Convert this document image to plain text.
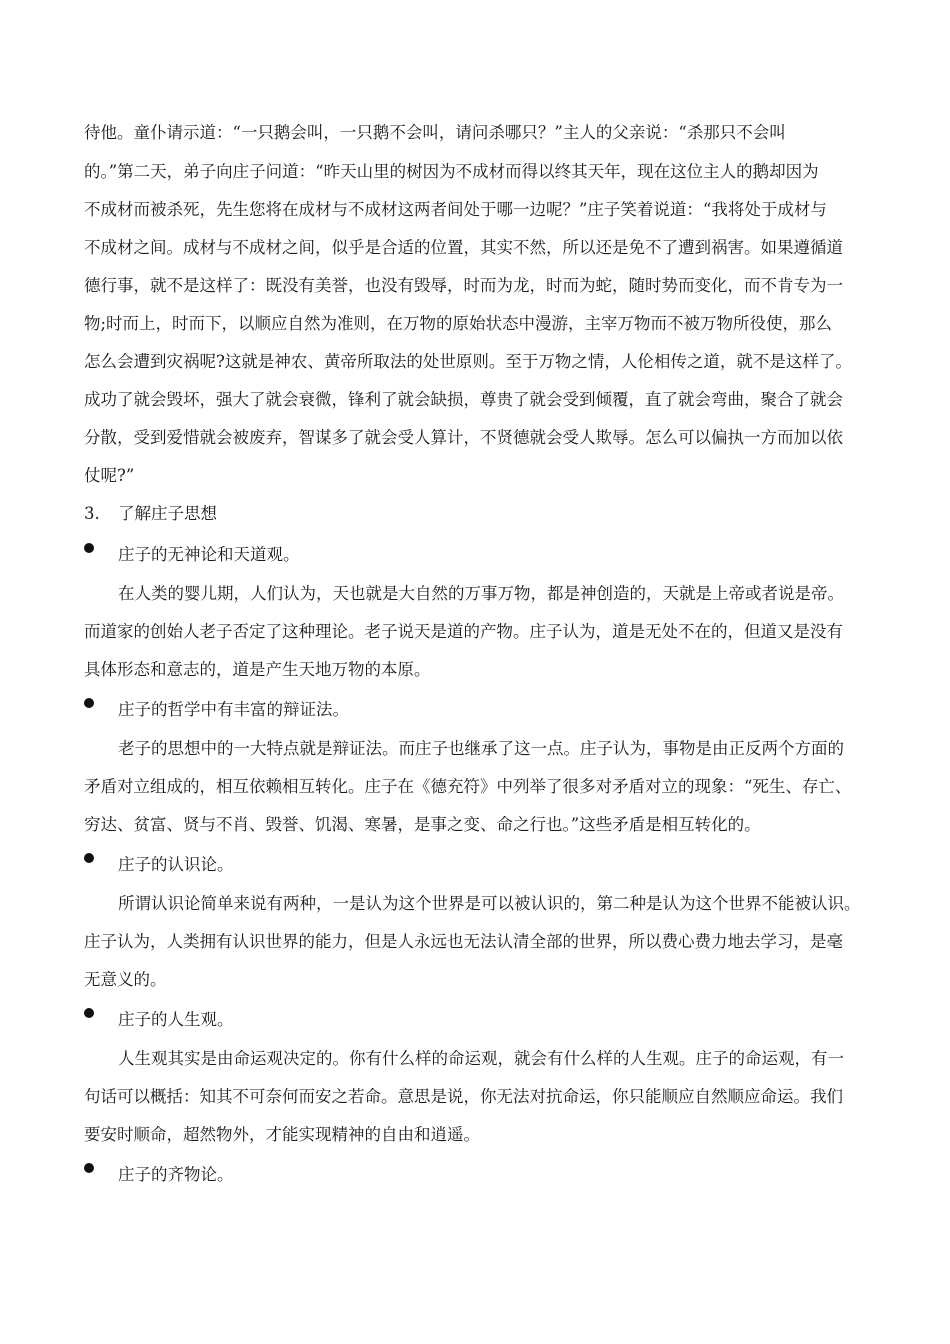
待他。童仆请示道：“一只鹅会叫，一只鹅不会叫，请问杀哪只？”主人的父亲说：“杀那只不会叫
的。”第二天，弟子向庄子问道：“昨天山里的树因为不成材而得以终其天年，现在这位主人的鹅却因为
不成材而被杀死，先生您将在成材与不成材这两者间处于哪一边呢？”庄子笑着说道：“我将处于成材与
不成材之间。成材与不成材之间，似乎是合适的位置，其实不然，所以还是免不了遭到祸害。如果遵循道
德行事，就不是这样了：既没有美誉，也没有毁辱，时而为龙，时而为蛇，随时势而变化，而不肯专为一
物;时而上，时而下，以顺应自然为准则，在万物的原始状态中漫游，主宰万物而不被万物所役使，那么
怎么会遭到灾祸呢?这就是神农、黄帝所取法的处世原则。至于万物之情，人伦相传之道，就不是这样了。
成功了就会毁坏，强大了就会衰微，锋利了就会缺损，尊贵了就会受到倾覆，直了就会弯曲，聚合了就会
分散，受到爱惜就会被废弃，智谋多了就会受人算计，不贤德就会受人欺辱。怎么可以偏执一方而加以依
仗呢?”
3. 了解庄子思想
庄子的无神论和天道观。
在人类的婴儿期，人们认为，天也就是大自然的万事万物，都是神创造的，天就是上帝或者说是帝。
而道家的创始人老子否定了这种理论。老子说天是道的产物。庄子认为，道是无处不在的，但道又是没有
具体形态和意志的，道是产生天地万物的本原。
庄子的哲学中有丰富的辩证法。
老子的思想中的一大特点就是辩证法。而庄子也继承了这一点。庄子认为，事物是由正反两个方面的
矛盾对立组成的，相互依赖相互转化。庄子在《德充符》中列举了很多对矛盾对立的现象：“死生、存亡、
穷达、贫富、贤与不肖、毁誉、饥渴、寒暑，是事之变、命之行也。”这些矛盾是相互转化的。
庄子的认识论。
所谓认识论简单来说有两种，一是认为这个世界是可以被认识的，第二种是认为这个世界不能被认识。
庄子认为，人类拥有认识世界的能力，但是人永远也无法认清全部的世界，所以费心费力地去学习，是毫
无意义的。
庄子的人生观。
人生观其实是由命运观决定的。你有什么样的命运观，就会有什么样的人生观。庄子的命运观，有一
句话可以概括：知其不可奈何而安之若命。意思是说，你无法对抗命运，你只能顺应自然顺应命运。我们
要安时顺命，超然物外，才能实现精神的自由和逍遥。
庄子的齐物论。
